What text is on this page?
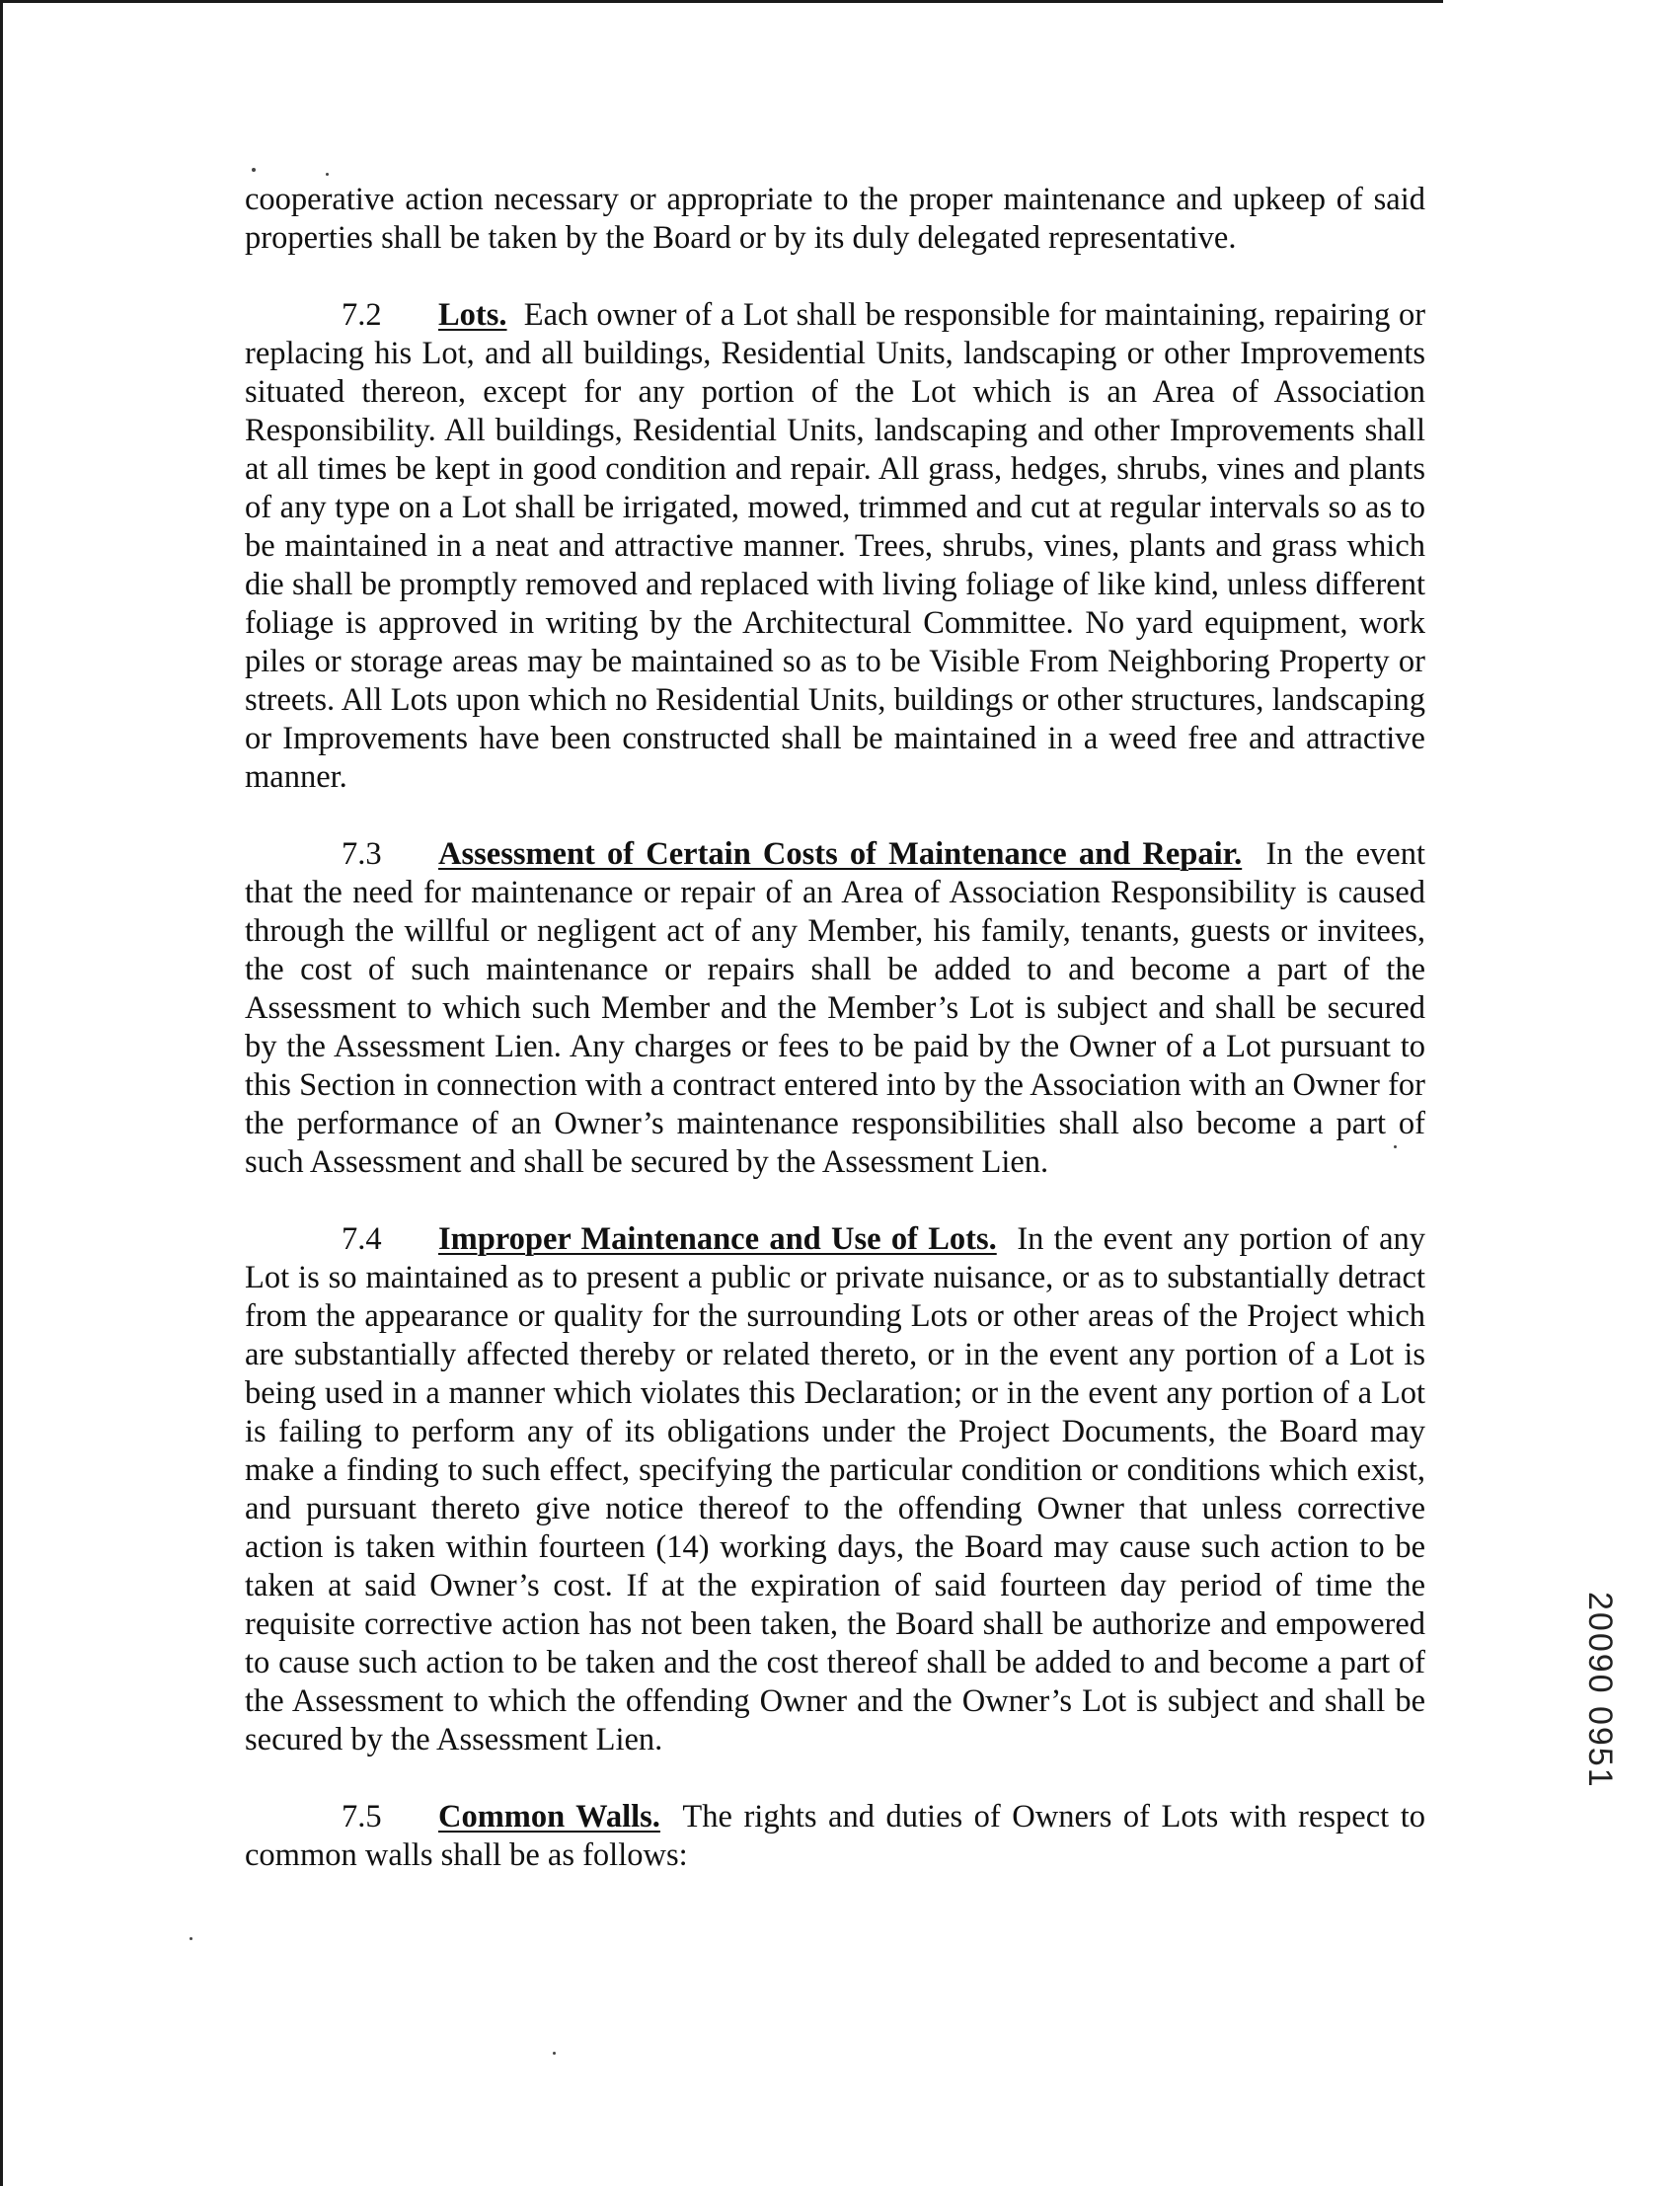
cooperative action necessary or appropriate to the proper maintenance and upkeep of said properties shall be taken by the Board or by its duly delegated representative.

7.2 Lots. Each owner of a Lot shall be responsible for maintaining, repairing or replacing his Lot, and all buildings, Residential Units, landscaping or other Improvements situated thereon, except for any portion of the Lot which is an Area of Association Responsibility. All buildings, Residential Units, landscaping and other Improvements shall at all times be kept in good condition and repair. All grass, hedges, shrubs, vines and plants of any type on a Lot shall be irrigated, mowed, trimmed and cut at regular intervals so as to be maintained in a neat and attractive manner. Trees, shrubs, vines, plants and grass which die shall be promptly removed and replaced with living foliage of like kind, unless different foliage is approved in writing by the Architectural Committee. No yard equipment, work piles or storage areas may be maintained so as to be Visible From Neighboring Property or streets. All Lots upon which no Residential Units, buildings or other structures, landscaping or Improvements have been constructed shall be maintained in a weed free and attractive manner.

7.3 Assessment of Certain Costs of Maintenance and Repair. In the event that the need for maintenance or repair of an Area of Association Responsibility is caused through the willful or negligent act of any Member, his family, tenants, guests or invitees, the cost of such maintenance or repairs shall be added to and become a part of the Assessment to which such Member and the Member’s Lot is subject and shall be secured by the Assessment Lien. Any charges or fees to be paid by the Owner of a Lot pursuant to this Section in connection with a contract entered into by the Association with an Owner for the performance of an Owner’s maintenance responsibilities shall also become a part of such Assessment and shall be secured by the Assessment Lien.

7.4 Improper Maintenance and Use of Lots. In the event any portion of any Lot is so maintained as to present a public or private nuisance, or as to substantially detract from the appearance or quality for the surrounding Lots or other areas of the Project which are substantially affected thereby or related thereto, or in the event any portion of a Lot is being used in a manner which violates this Declaration; or in the event any portion of a Lot is failing to perform any of its obligations under the Project Documents, the Board may make a finding to such effect, specifying the particular condition or conditions which exist, and pursuant thereto give notice thereof to the offending Owner that unless corrective action is taken within fourteen (14) working days, the Board may cause such action to be taken at said Owner’s cost. If at the expiration of said fourteen day period of time the requisite corrective action has not been taken, the Board shall be authorize and empowered to cause such action to be taken and the cost thereof shall be added to and become a part of the Assessment to which the offending Owner and the Owner’s Lot is subject and shall be secured by the Assessment Lien.

7.5 Common Walls. The rights and duties of Owners of Lots with respect to common walls shall be as follows:

20090 0951
